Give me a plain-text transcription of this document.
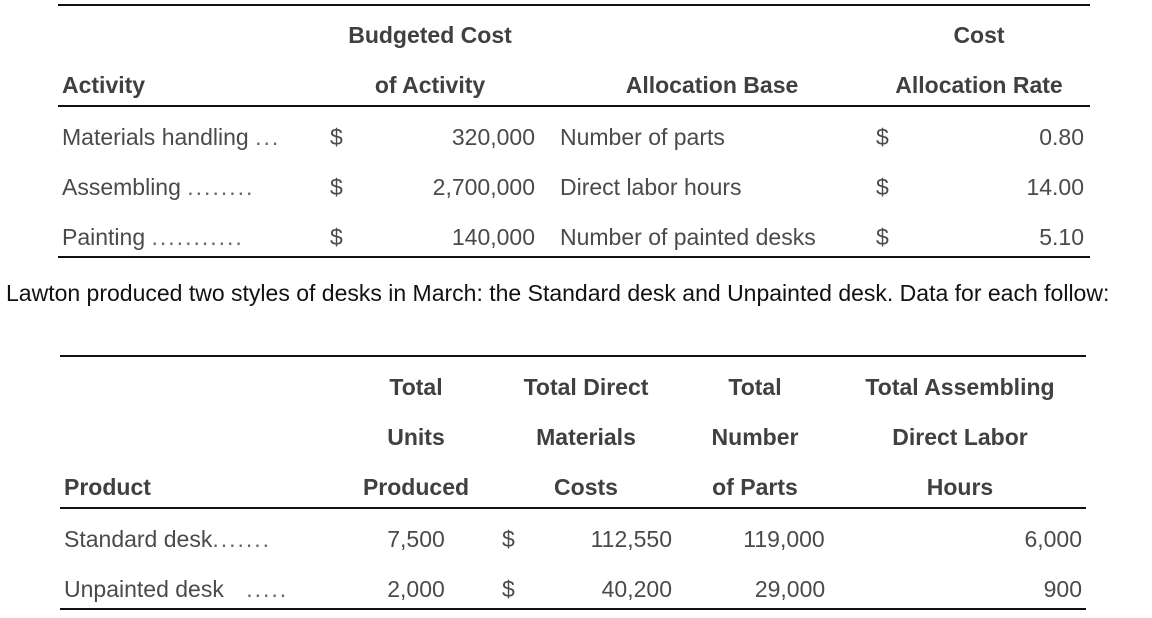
Budgeted Cost	Cost
Activity	of Activity	Allocation Base	Allocation Rate
Materials handling ... $	320,000 Number of parts	$	0.80
Assembling ........	$	2,700,000 Direct labor hours	$	14.00
Painting ...........	$	140,000 Number of painted desks	$	5.10
Lawton produced two styles of desks in March: the Standard desk and Unpainted desk. Data for each follow:
Total	Total Direct	Total	Total Assembling
Units	Materials	Number	Direct Labor
Product	Produced	Costs	of Parts	Hours
Standard desk.......	7,500 $	112,550	119,000	6,000
Unpainted desk .....	2,000 $	40,200	29,000	900
